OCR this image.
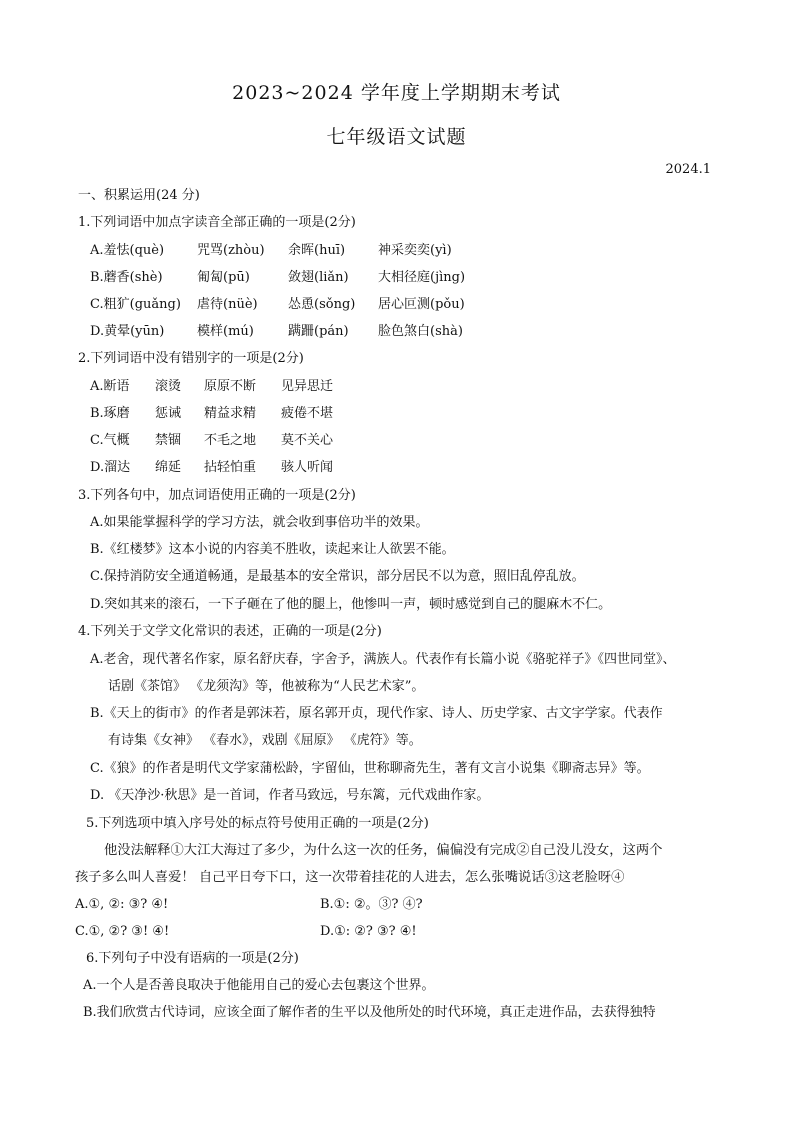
2023~2024 学年度上学期期末考试
七年级语文试题
2024.1
一、积累运用(24 分)
1.下列词语中加点字读音全部正确的一项是(2分)
A.羞怯(què)	咒骂(zhòu) 余晖(huī)	神采奕奕(yì)
B.蘑香(shè)	匍匐(pū)	敛翅(liǎn) 大相径庭(jìng)
C.粗犷(guǎng) 虐待(nüè) 怂恿(sǒng) 居心叵测(pǒu)
D.黄晕(yūn)	模样(mú)	蹒跚(pán) 脸色煞白(shà)
2.下列词语中没有错别字的一项是(2分)
A.断语 滚烫 原原不断 见异思迁
B.琢磨 惩诫 精益求精 疲倦不堪
C.气概 禁锢 不毛之地 莫不关心
D.溜达 绵延 拈轻怕重 骇人听闻
3.下列各句中，加点词语使用正确的一项是(2分)
A.如果能掌握科学的学习方法，就会收到事倍功半的效果。
B.《红楼梦》这本小说的内容美不胜收，读起来让人欲罢不能。
C.保持消防安全通道畅通，是最基本的安全常识，部分居民不以为意，照旧乱停乱放。
D.突如其来的滚石，一下子砸在了他的腿上，他惨叫一声，顿时感觉到自己的腿麻木不仁。
4.下列关于文学文化常识的表述，正确的一项是(2分)
A.老舍，现代著名作家，原名舒庆春，字舍予，满族人。代表作有长篇小说《骆驼祥子》《四世同堂》、
话剧《茶馆》 《龙须沟》等，他被称为“人民艺术家”。
B.《天上的街市》的作者是郭沫若，原名郭开贞，现代作家、诗人、历史学家、古文字学家。代表作
有诗集《女神》 《春水》，戏剧《屈原》 《虎符》等。
C.《狼》的作者是明代文学家蒲松龄，字留仙，世称聊斋先生，著有文言小说集《聊斋志异》等。
D. 《天净沙·秋思》是一首词，作者马致远，号东篱，元代戏曲作家。
5.下列选项中填入序号处的标点符号使用正确的一项是(2分)
他没法解释①大江大海过了多少，为什么这一次的任务，偏偏没有完成②自己没儿没女，这两个
孩子多么叫人喜爱！ 自己平日夸下口，这一次带着挂花的人进去，怎么张嘴说话③这老脸呀④
A.①, ②: ③? ④!	B.①: ②。③? ④?
C.①, ②? ③! ④!	D.①: ②? ③? ④!
6.下列句子中没有语病的一项是(2分)
A.一个人是否善良取决于他能用自己的爱心去包裹这个世界。
B.我们欣赏古代诗词，应该全面了解作者的生平以及他所处的时代环境，真正走进作品，去获得独特
